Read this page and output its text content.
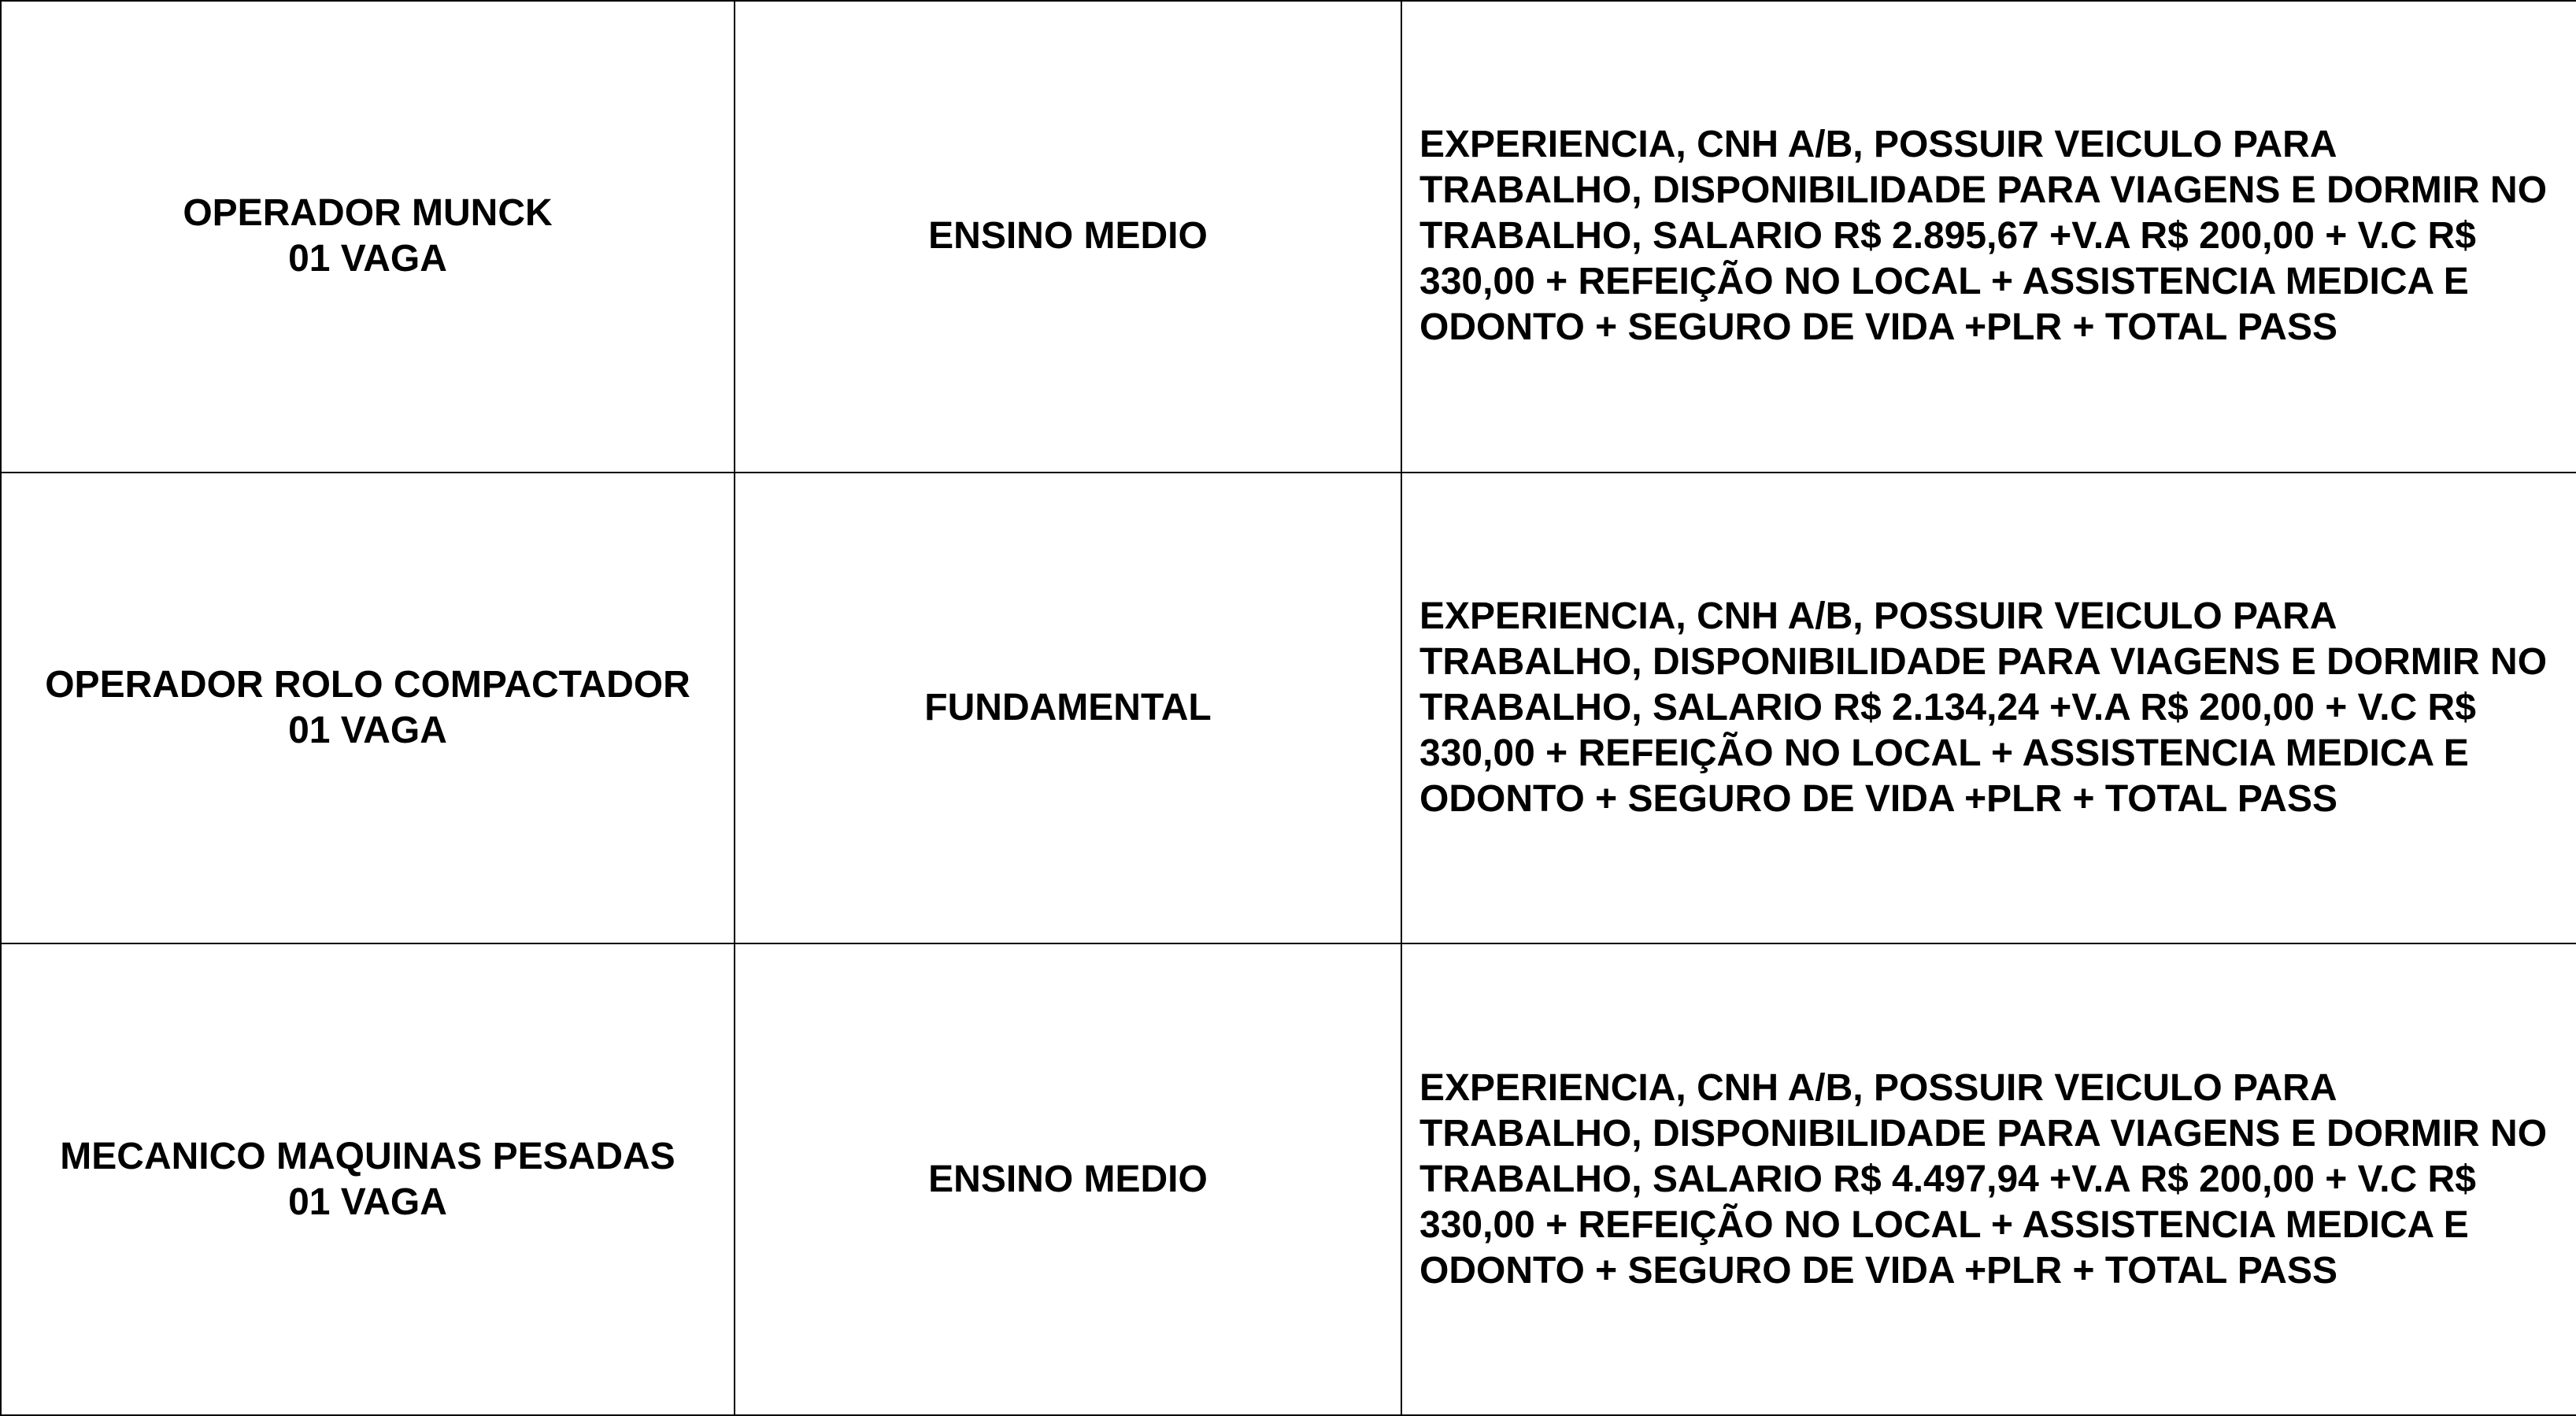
OPERADOR MUNCK
01 VAGA	ENSINO MEDIO	EXPERIENCIA, CNH A/B, POSSUIR VEICULO PARA TRABALHO, DISPONIBILIDADE PARA VIAGENS E DORMIR NO TRABALHO, SALARIO R$ 2.895,67 +V.A R$ 200,00 + V.C R$ 330,00 + REFEIÇÃO NO LOCAL + ASSISTENCIA MEDICA E ODONTO + SEGURO DE VIDA +PLR + TOTAL PASS

OPERADOR ROLO COMPACTADOR
01 VAGA	FUNDAMENTAL	EXPERIENCIA, CNH A/B, POSSUIR VEICULO PARA TRABALHO, DISPONIBILIDADE PARA VIAGENS E DORMIR NO TRABALHO, SALARIO R$ 2.134,24 +V.A R$ 200,00 + V.C R$ 330,00 + REFEIÇÃO NO LOCAL + ASSISTENCIA MEDICA E ODONTO + SEGURO DE VIDA +PLR + TOTAL PASS

MECANICO MAQUINAS PESADAS
01 VAGA	ENSINO MEDIO	EXPERIENCIA, CNH A/B, POSSUIR VEICULO PARA TRABALHO, DISPONIBILIDADE PARA VIAGENS E DORMIR NO TRABALHO, SALARIO R$ 4.497,94 +V.A R$ 200,00 + V.C R$ 330,00 + REFEIÇÃO NO LOCAL + ASSISTENCIA MEDICA E ODONTO + SEGURO DE VIDA +PLR + TOTAL PASS
